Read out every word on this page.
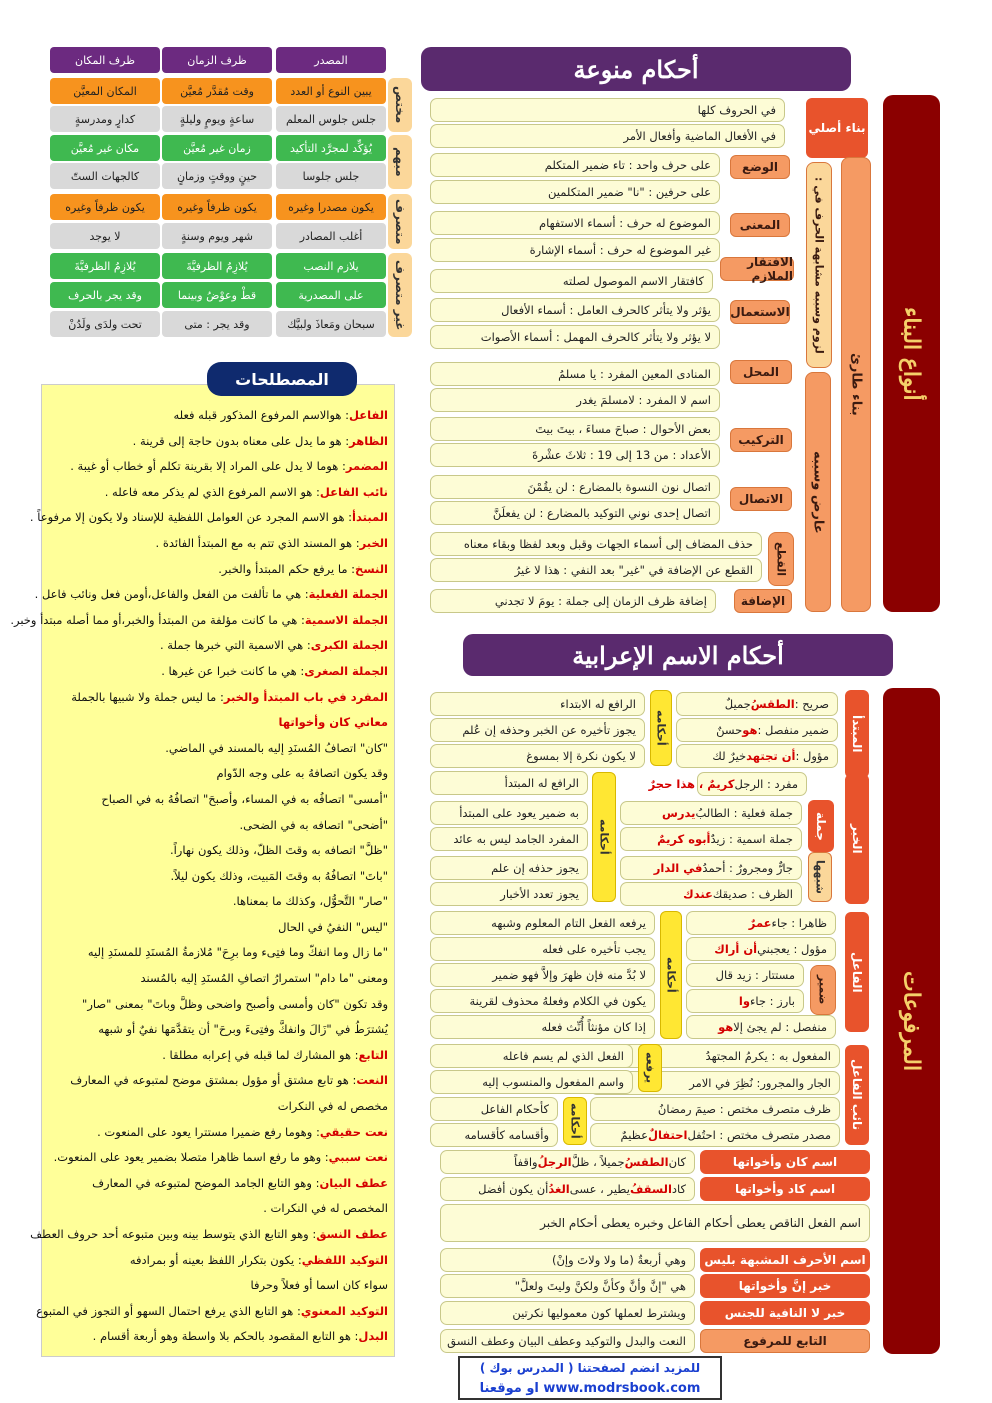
المصدر
ظرف الزمان
ظرف المكان
مختص
يبين النوع أو العدد
وقت مُقدَّر مُعيَّن
المكان المعيَّن
جلس جلوس المعلم
ساعةٍ ويومٍ وليلةٍ
كدارٍ ومدرسةٍ
مبهم
يُؤكِّد لمجرَّد التأكيد
زمان غير مُعيَّن
مكان غير مُعيَّن
جلس جلوسا
حينٍ ووقتٍ وزمانٍ
كالجهات الستّ
متصرف
يكون مصدرا وغيره
يكون ظرفاً وغيره
يكون ظرفاً وغيره
أغلب المصادر
شهر ويوم وسنةٍ
لا يوجد
غير متصرف
يلازم النصب
يُلازِمُ الظرفيَّةَ
يُلازِمُ الظرفيَّةَ
على المصدرية
قطْ وعوْضُ وبينما
وقد يجر بالحرف
سبحان ومَعاذَ ولبيَّك
وقد يجر : متى
تحت ولدَى ولَدُنْ
الفاعل: هوالاسم المرفوع المذكور قبله فعله
الظاهر: هو ما يدل على معناه بدون حاجة إلى قرينة .
المضمر: هوما لا يدل على المراد إلا بقرينة تكلم أو خطاب أو غيبة .
نائب الفاعل: هو الاسم المرفوع الذي لم يذكر معه فاعله .
المبتدأ: هو الاسم المجرد عن العوامل اللفظية للإسناد ولا يكون إلا مرفوعاً .
الخبر: هو المسند الذي تتم به مع المبتدأ الفائدة .
النسخ: ما يرفع حكم المبتدأ والخبر.
الجملة الفعلية: هي ما تألفت من الفعل والفاعل،أومن فعل ونائب فاعل .
الجملة الاسمية: هي ما كانت مؤلفة من المبتدأ والخبر،أو مما أصله مبتدأ وخبر.
الجملة الكبرى: هي الاسمية التي خبرها جملة .
الجملة الصغرى: هي ما كانت خبرا عن غيرها .
المفرد في باب المبتدأ والخبر: ما ليس جملة ولا شبيها بالجملة
معاني كان وأخواتها
"كان" اتصافُ المُسنَدِ إليه بالمسند في الماضي.
وقد يكون اتصافهُ به على وجه الدّوام
"أمسى" اتصافُه به في المساء، وأصبحَ" اتصافُهُ به في الصباح
"أضحى" اتصافه به في الضحى.
"ظلَّ" اتصافه به وقتَ الظلّ، وذلك يكون نهاراً.
"باتَ" اتصافُهُ به وقتَ المَبيت، وذلك يكون ليلاً.
"صار" التَّحوُّل، وكذلك ما بمعناها.
"ليس" النفيُ في الحال
"ما زال وما انفكّ وما فتِىء وما برِحَ" مُلازمةُ المُسنَدِ للمسنَدِ إليه
ومعنى "ما دام" استمرارُ اتصافِ المُسنَدِ إليه بالمُسند
وقد تكون "كان وأمسى وأصبح واضحى وظلَّ وباتَ" بمعنى "صار"
يُشترَطُ في "زَالَ وانفكَّ وفتِىءَ وبرحَ" أن يتقدَّمَها نفيٌ أو شبهه
التابع: هو المشارك لما قبله في إعرابه مطلقا .
النعت: هو تابع مشتق أو مؤول بمشتق موضح لمتبوعه في المعارف
مخصص له في النكرات
نعت حقيقي: وهوما رفع ضميرا مستترا يعود على المنعوت .
نعت سببي: وهو ما رفع اسما ظاهرا متصلا بضمير يعود على المنعوت.
عطف البيان: وهو التابع الجامد الموضح لمتبوعه في المعارف
المخصص له في النكرات .
عطف النسق: وهو التابع الذي يتوسط بينه وبين متبوعه أحد حروف العطف
التوكيد اللفظي: يكون بتكرار اللفظ بعينه أو بمرادفه
سواء كان اسما أو فعلاً وحرفا
التوكيد المعنوي: هو التابع الذي يرفع احتمال السهو أو التجوز في المتبوع
البدل: هو التابع المقصود بالحكم بلا واسطة وهو أربعة أقسام .
المصطلحات
أحكام منوعة
أنواع البناء
بناء أصلي
في الحروف كلها
في الأفعال الماضية وأفعال الأمر
بناء طارئ
لزوم وسببه مشابهة الحرف في :
الوضع
على حرف واحد : تاء ضمير المتكلم
على حرفين : "نا" ضمير المتكلمين
المعنى
الموضوع له حرف : أسماء الاستفهام
غير الموضوع له حرف : أسماء الإشارة
الافتقار الملازم
كافتقار الاسم الموصول لصلته
الاستعمال
يؤثر ولا يتأثر كالحرف العامل : أسماء الأفعال
لا يؤثر ولا يتأثر كالحرف المهمل : أسماء الأصوات
عارض وسببه
المحل
المنادى المعين المفرد : يا مسلمُ
اسم لا المفرد : لامسلمَ يغدر
التركيب
بعض الأحوال : صباحَ مساءَ ، بيتَ بيتَ
الأعداد : من 13 إلى 19 : ثلاثَ عشْرةَ
الاتصال
اتصال نون النسوة بالمضارع : لن يقُمْنَ
اتصال إحدى نوني التوكيد بالمضارع : لن يفعلَنَّ
القطع
حذف المضاف إلى أسماء الجهات وقبل وبعد لفظا وبقاء معناه
القطع عن الإضافة في "غير" بعد النفي : هذا لا غيرُ
الإضافة
إضافة ظرف الزمان إلى جملة : يومَ لا تجدني
أحكام الاسم الإعرابية
المرفوعات
المبتدأ
صريح :
الطقسُ
جميلٌ
ضمير منفصل :
هو
حسنٌ
مؤول :
أن تجتهد
خيرٌ لك
أحكامه
الرافع له الابتداء
يجوز تأخيره عن الخبر وحذفه إن عُلم
لا يكون نكرة إلا بمسوغ
الخبر
جملة
شبهها
مفرد : الرجل
كريمٌ ، هذا حجرٌ
جملة فعلية : الطالبُ
يدرس
جملة اسمية : زيدٌ
أبوه كريمٌ
جارٌّ ومجرورٌ : أحمدُ
في الدار
الظرف : صديقك
عندك
أحكامه
الرافع له المبتدأ
به ضمير يعود على المبتدأ
المفرد الجامد ليس به عائد
يجوز حذفه إن علم
يجوز تعدد الأخبار
الفاعل
ضمير
ظاهرا : جاء
عمرٌ
مؤول : يعجبني
أن أراك
مستتار : زيد قال
بارز : جاء
وا
منفصل : لم يجئ إلا
هو
أحكامه
يرفعه الفعل التام المعلوم وشبهه
يجب تأخيره على فعله
لا بُدَّ منه فإن ظهرَ وإلاَّ فهو ضمير
يكون في الكلام وفعلهُ محذوف لقرينة
إذا كان مؤنثاً أُنِّث فعله
نائب الفاعل
المفعول به : يكرمُ المجتهدُ
الجار والمجرور: نُظِرَ في الامر
ظرف متصرف مختص : صيمَ رمضانُ
مصدر متصرف مختص : احتُفل
احتفالٌ
عظيمٌ
يرفعه
الفعل الذي لم يسم فاعله
واسم المفعول والمنسوب إليه
أحكامه
كأحكام الفاعل
وأقسامه كأقسامه
اسم كان وأخواتها
كان
الطقسُ
جميلاً ، ظلَّ
الرجلُ
واقفاً
اسم كاد وأخواتها
كاد
السقفُ
يطير ، عسى
الغدُ
أن يكون أفضل
اسم الفعل الناقص يعطى أحكام الفاعل وخبره يعطى أحكام الخبر
اسم الأحرف المشبهة بليس
وهي أربعةٌ (ما ولا ولاتَ وإنْ)
خبر إنَّ وأخواتها
هي "إنَّ وأنَّ وكأنَّ ولكنَّ وليتَ ولعلَّ"
خبر لا النافية للجنس
ويشترط لعملها كون معموليها نكرتين
التابع للمرفوع
النعت والبدل والتوكيد وعطف البيان وعطف النسق
للمزيد انضم لصفحتنا ( المدرس بوك )
www.modrsbook.com او موقعنا
